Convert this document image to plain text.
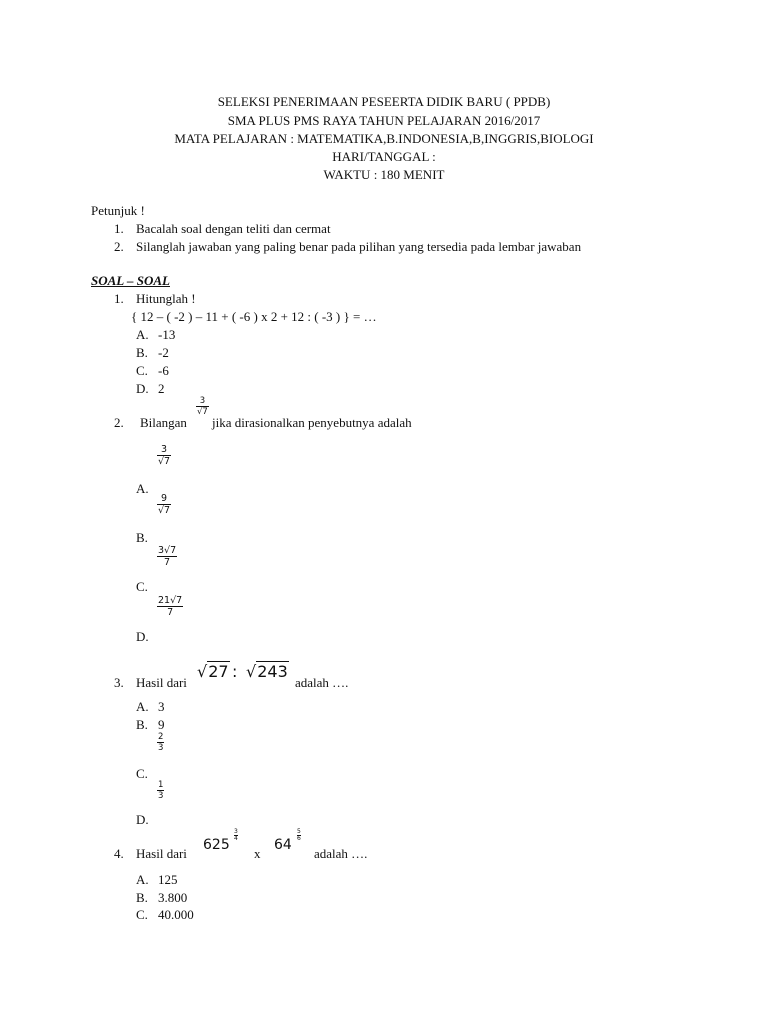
SELEKSI PENERIMAAN PESEERTA DIDIK BARU ( PPDB)
SMA PLUS PMS RAYA TAHUN PELAJARAN 2016/2017
MATA PELAJARAN : MATEMATIKA,B.INDONESIA,B,INGGRIS,BIOLOGI
HARI/TANGGAL :
WAKTU : 180 MENIT
Petunjuk !
1. Bacalah soal dengan teliti dan cermat
2. Silanglah jawaban yang paling benar pada pilihan yang tersedia pada lembar jawaban
SOAL – SOAL
1. Hitunglah !
{ 12 – ( -2 ) – 11 + ( -6 ) x 2 + 12 : ( -3 ) } = …
A. -13
B. -2
C. -6
D. 2
2. Bilangan
$\frac{3}{√7}$
jika dirasionalkan penyebutnya adalah
$\frac{3}{√7}$
A.
$\frac{9}{√7}$
B.
$\frac{3√7}{7}$
C.
$\frac{21√7}{7}$
D.
3. Hasil dari
√27 : √243
adalah ….
A. 3
B. 9
$\frac{2}{3}$
C.
$\frac{1}{3}$
D.
4. Hasil dari
625
$\frac{3}{4}$
x
64
$\frac{5}{6}$
adalah ….
A. 125
B. 3.800
C. 40.000
